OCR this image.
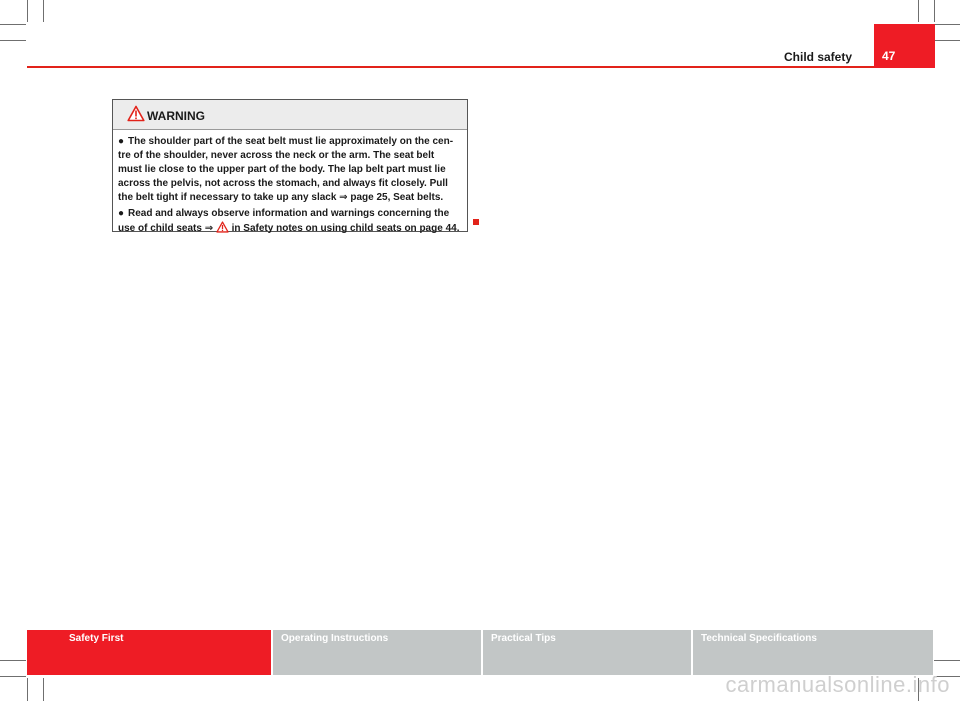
Child safety	47
WARNING

● The shoulder part of the seat belt must lie approximately on the cen-tre of the shoulder, never across the neck or the arm. The seat belt must lie close to the upper part of the body. The lap belt part must lie across the pelvis, not across the stomach, and always fit closely. Pull the belt tight if necessary to take up any slack ⇒ page 25, Seat belts.

● Read and always observe information and warnings concerning the use of child seats ⇒ in Safety notes on using child seats on page 44.

Safety First	Operating Instructions	Practical Tips	Technical Specifications
carmanualsonline.info
